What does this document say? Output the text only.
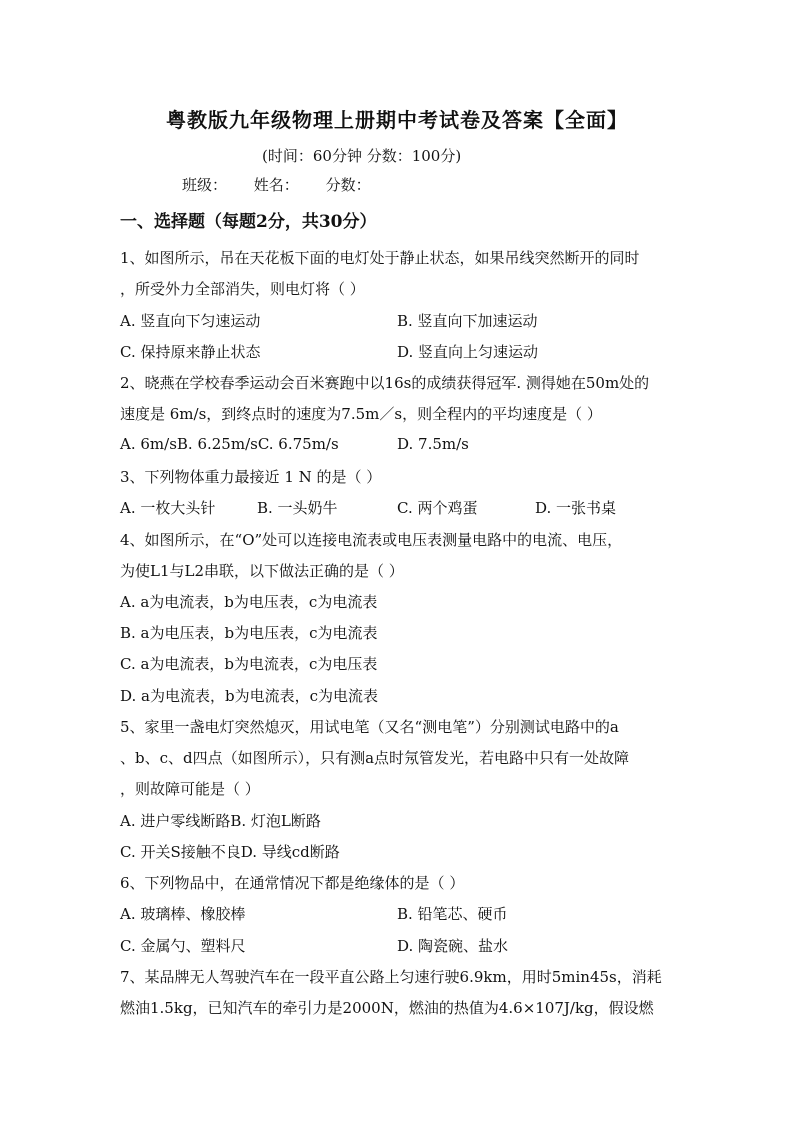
粤教版九年级物理上册期中考试卷及答案【全面】
(时间：60分钟 分数：100分)
班级： 姓名： 分数：
一、选择题（每题2分，共30分）
1、如图所示，吊在天花板下面的电灯处于静止状态，如果吊线突然断开的同时
，所受外力全部消失，则电灯将（ ）
A. 竖直向下匀速运动	B. 竖直向下加速运动
C. 保持原来静止状态	D. 竖直向上匀速运动
2、晓燕在学校春季运动会百米赛跑中以16s的成绩获得冠军. 测得她在50m处的
速度是 6m/s，到终点时的速度为7.5m／s，则全程内的平均速度是（ ）
A. 6m/sB. 6.25m/sC. 6.75m/s	D. 7.5m/s
3、下列物体重力最接近 1 N 的是（ ）
A. 一枚大头针	B. 一头奶牛	C. 两个鸡蛋	D. 一张书桌
4、如图所示，在“O”处可以连接电流表或电压表测量电路中的电流、电压，
为使L1与L2串联，以下做法正确的是（ ）
A. a为电流表，b为电压表，c为电流表
B. a为电压表，b为电压表，c为电流表
C. a为电流表，b为电流表，c为电压表
D. a为电流表，b为电流表，c为电流表
5、家里一盏电灯突然熄灭，用试电笔（又名“测电笔”）分别测试电路中的a
、b、c、d四点（如图所示），只有测a点时氖管发光，若电路中只有一处故障
，则故障可能是（ ）
A. 进户零线断路B. 灯泡L断路
C. 开关S接触不良D. 导线cd断路
6、下列物品中，在通常情况下都是绝缘体的是（ ）
A. 玻璃棒、橡胶棒	B. 铅笔芯、硬币
C. 金属勺、塑料尺	D. 陶瓷碗、盐水
7、某品牌无人驾驶汽车在一段平直公路上匀速行驶6.9km，用时5min45s，消耗
燃油1.5kg，已知汽车的牵引力是2000N，燃油的热值为4.6×107J/kg，假设燃
